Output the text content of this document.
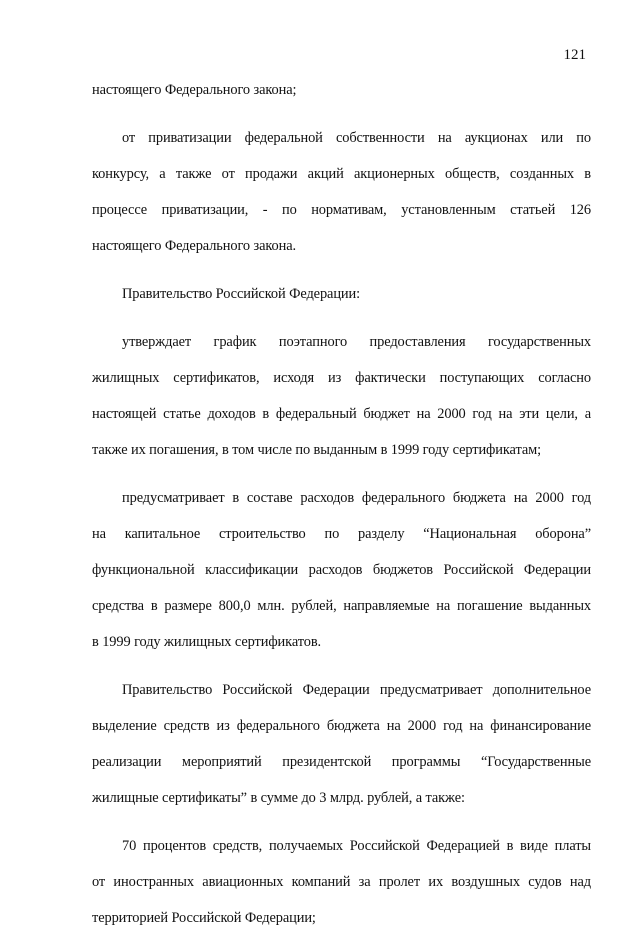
121
настоящего Федерального закона;
от приватизации федеральной собственности на аукционах или по
конкурсу, а также от продажи акций акционерных обществ, созданных в
процессе приватизации, - по нормативам, установленным статьей 126
настоящего Федерального закона.
Правительство Российской Федерации:
утверждает график поэтапного предоставления государственных
жилищных сертификатов, исходя из фактически поступающих согласно
настоящей статье доходов в федеральный бюджет на 2000 год на эти цели, а
также их погашения, в том числе по выданным в 1999 году сертификатам;
предусматривает в составе расходов федерального бюджета на 2000 год
на капитальное строительство по разделу “Национальная оборона”
функциональной классификации расходов бюджетов Российской Федерации
средства в размере 800,0 млн. рублей, направляемые на погашение выданных
в 1999 году жилищных сертификатов.
Правительство Российской Федерации предусматривает дополнительное
выделение средств из федерального бюджета на 2000 год на финансирование
реализации мероприятий президентской программы “Государственные
жилищные сертификаты” в сумме до 3 млрд. рублей, а также:
70 процентов средств, получаемых Российской Федерацией в виде платы
от иностранных авиационных компаний за пролет их воздушных судов над
территорией Российской Федерации;
